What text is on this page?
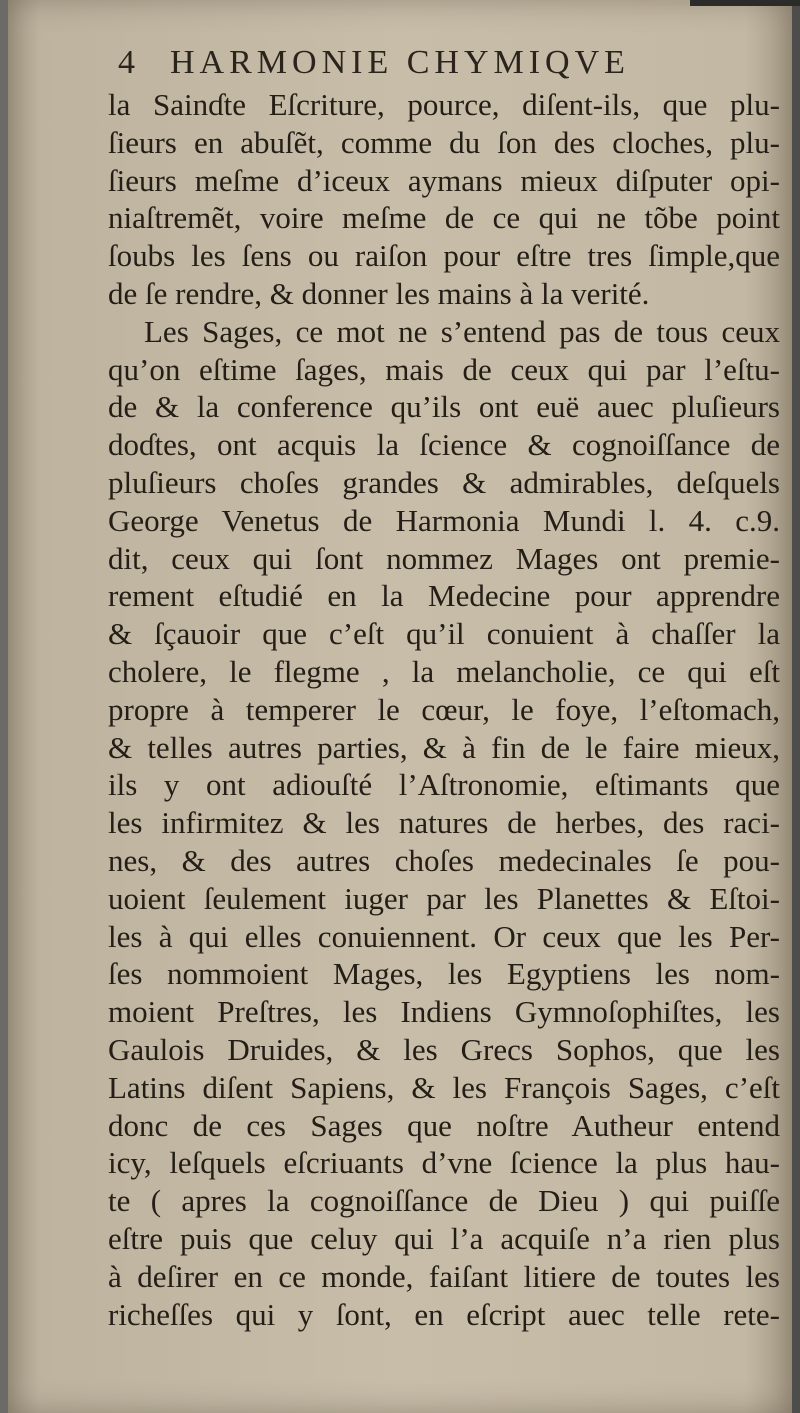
4 HARMONIE CHYMIQVE
la Sainɗte Eſcriture, pource, diſent-ils, que plu-
ſieurs en abuſẽt, comme du ſon des cloches, plu-
ſieurs meſme d’iceux aymans mieux diſputer opi-
niaſtremẽt, voire meſme de ce qui ne tõbe point
ſoubs les ſens ou raiſon pour eſtre tres ſimple,que
de ſe rendre, & donner les mains à la verité.
Les Sages, ce mot ne s’entend pas de tous ceux
qu’on eſtime ſages, mais de ceux qui par l’eſtu-
de & la conference qu’ils ont euë auec pluſieurs
doɗtes, ont acquis la ſcience & cognoiſſance de
pluſieurs choſes grandes & admirables, deſquels
George Venetus de Harmonia Mundi l. 4. c.9.
dit, ceux qui ſont nommez Mages ont premie-
rement eſtudié en la Medecine pour apprendre
& ſçauoir que c’eſt qu’il conuient à chaſſer la
cholere, le flegme , la melancholie, ce qui eſt
propre à temperer le cœur, le foye, l’eſtomach,
& telles autres parties, & à fin de le faire mieux,
ils y ont adiouſté l’Aſtronomie, eſtimants que
les infirmitez & les natures de herbes, des raci-
nes, & des autres choſes medecinales ſe pou-
uoient ſeulement iuger par les Planettes & Eſtoi-
les à qui elles conuiennent. Or ceux que les Per-
ſes nommoient Mages, les Egyptiens les nom-
moient Preſtres, les Indiens Gymnoſophiſtes, les
Gaulois Druides, & les Grecs Sophos, que les
Latins diſent Sapiens, & les François Sages, c’eſt
donc de ces Sages que noſtre Autheur entend
icy, leſquels eſcriuants d’vne ſcience la plus hau-
te ( apres la cognoiſſance de Dieu ) qui puiſſe
eſtre puis que celuy qui l’a acquiſe n’a rien plus
à deſirer en ce monde, faiſant litiere de toutes les
richeſſes qui y ſont, en eſcript auec telle rete-
